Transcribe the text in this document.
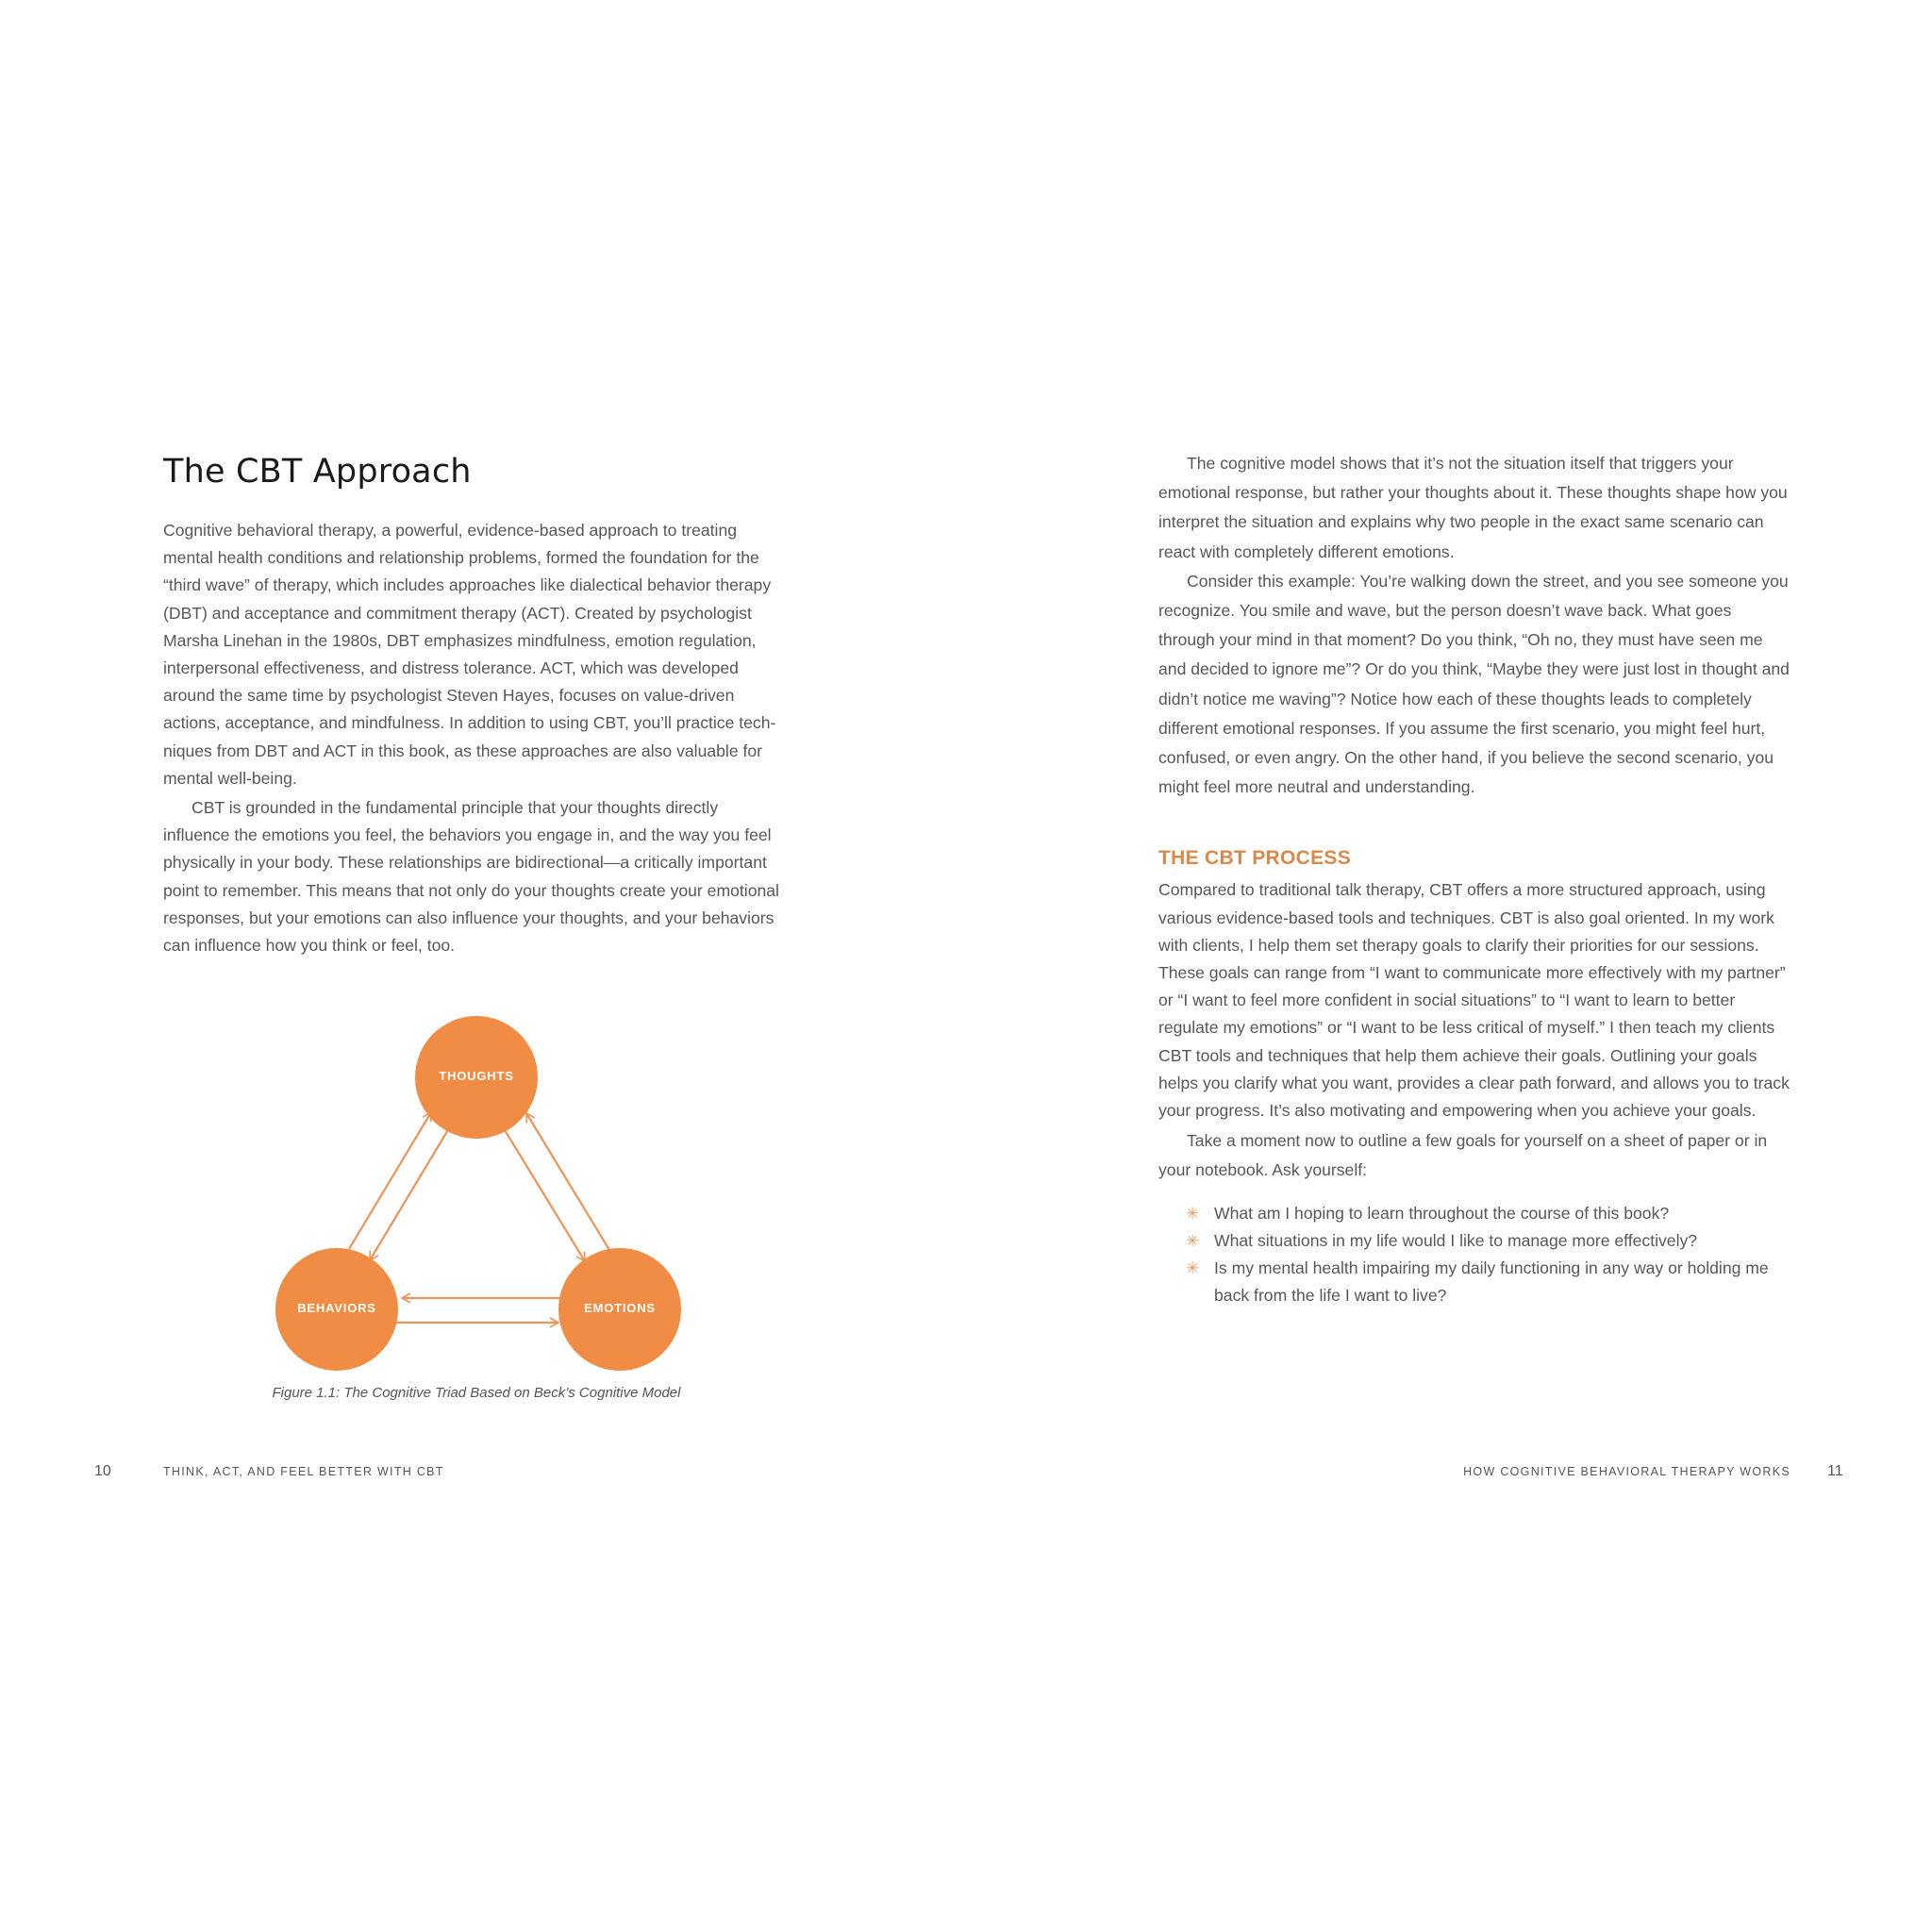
The CBT Approach

Cognitive behavioral therapy, a powerful, evidence-based approach to treating mental health conditions and relationship problems, formed the foundation for the “third wave” of therapy, which includes approaches like dialectical behavior therapy (DBT) and acceptance and commitment therapy (ACT). Created by psychologist Marsha Linehan in the 1980s, DBT emphasizes mindfulness, emotion regulation, interpersonal effectiveness, and distress tolerance. ACT, which was developed around the same time by psychologist Steven Hayes, focuses on value-driven actions, acceptance, and mindfulness. In addition to using CBT, you’ll practice techniques from DBT and ACT in this book, as these approaches are also valuable for mental well-being.

CBT is grounded in the fundamental principle that your thoughts directly influence the emotions you feel, the behaviors you engage in, and the way you feel physically in your body. These relationships are bidirectional—a critically important point to remember. This means that not only do your thoughts create your emotional responses, but your emotions can also influence your thoughts, and your behaviors can influence how you think or feel, too.

THOUGHTS
BEHAVIORS	EMOTIONS
Figure 1.1: The Cognitive Triad Based on Beck’s Cognitive Model
10	THINK, ACT, AND FEEL BETTER WITH CBT

The cognitive model shows that it’s not the situation itself that triggers your emotional response, but rather your thoughts about it. These thoughts shape how you interpret the situation and explains why two people in the exact same scenario can react with completely different emotions.

Consider this example: You’re walking down the street, and you see someone you recognize. You smile and wave, but the person doesn’t wave back. What goes through your mind in that moment? Do you think, “Oh no, they must have seen me and decided to ignore me”? Or do you think, “Maybe they were just lost in thought and didn’t notice me waving”? Notice how each of these thoughts leads to completely different emotional responses. If you assume the first scenario, you might feel hurt, confused, or even angry. On the other hand, if you believe the second scenario, you might feel more neutral and understanding.

THE CBT PROCESS

Compared to traditional talk therapy, CBT offers a more structured approach, using various evidence-based tools and techniques. CBT is also goal oriented. In my work with clients, I help them set therapy goals to clarify their priorities for our sessions. These goals can range from “I want to communicate more effectively with my partner” or “I want to feel more confident in social situations” to “I want to learn to better regulate my emotions” or “I want to be less critical of myself.” I then teach my clients CBT tools and techniques that help them achieve their goals. Outlining your goals helps you clarify what you want, provides a clear path forward, and allows you to track your progress. It’s also motivating and empowering when you achieve your goals.

Take a moment now to outline a few goals for yourself on a sheet of paper or in your notebook. Ask yourself:

✳ What am I hoping to learn throughout the course of this book?
✳ What situations in my life would I like to manage more effectively?
✳ Is my mental health impairing my daily functioning in any way or holding me back from the life I want to live?
HOW COGNITIVE BEHAVIORAL THERAPY WORKS 11
